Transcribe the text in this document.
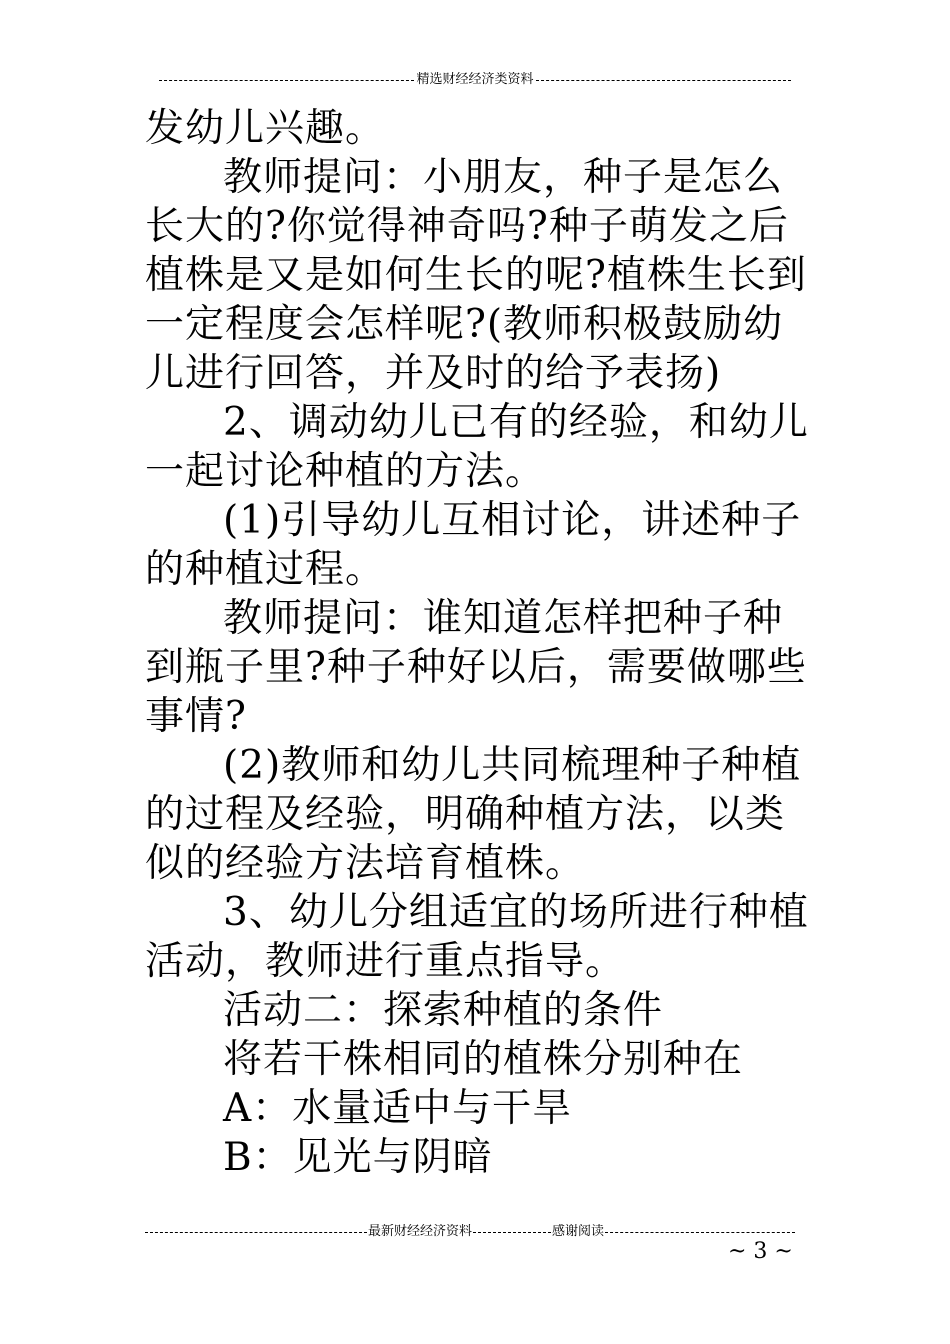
精选财经经济类资料

发幼儿兴趣。

教师提问：小朋友，种子是怎么长大的?你觉得神奇吗?种子萌发之后植株是又是如何生长的呢?植株生长到一定程度会怎样呢?(教师积极鼓励幼儿进行回答，并及时的给予表扬)

2、调动幼儿已有的经验，和幼儿一起讨论种植的方法。

(1)引导幼儿互相讨论，讲述种子的种植过程。

教师提问：谁知道怎样把种子种到瓶子里?种子种好以后，需要做哪些事情?

(2)教师和幼儿共同梳理种子种植的过程及经验，明确种植方法，以类似的经验方法培育植株。

3、幼儿分组适宜的场所进行种植活动，教师进行重点指导。

活动二：探索种植的条件

将若干株相同的植株分别种在

A：水量适中与干旱

B：见光与阴暗

最新财经经济资料	感谢阅读
~ 3 ~
